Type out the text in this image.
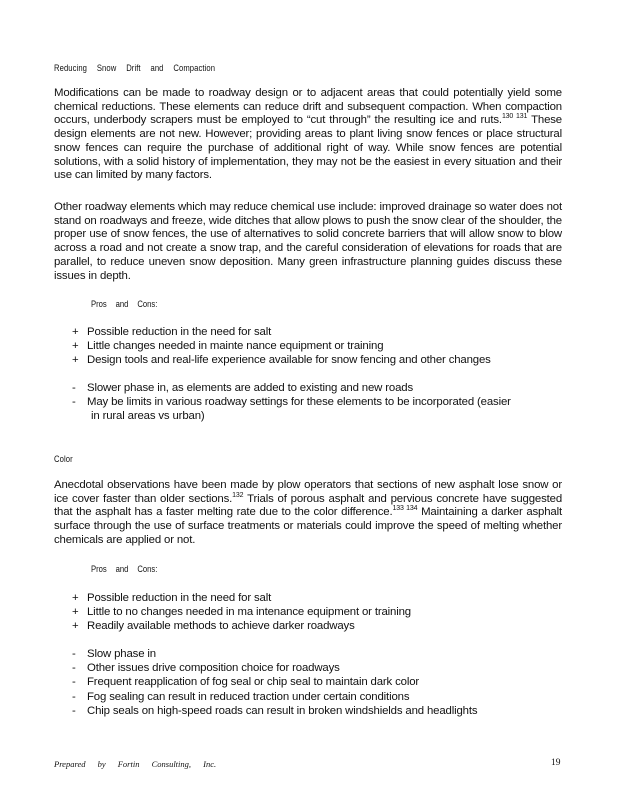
Reducing Snow Drift and Compaction
Modifications can be made to roadway design or to adjacent areas that could potentially yield some chemical reductions. These elements can reduce drift and subsequent compaction. When compaction occurs, underbody scrapers must be employed to “cut through” the resulting ice and ruts.$^{130 131}$ These design elements are not new. However; providing areas to plant living snow fences or place structural snow fences can require the purchase of additional right of way. While snow fences are potential solutions, with a solid history of implementation, they may not be the easiest in every situation and their use can limited by many factors.
Other roadway elements which may reduce chemical use include: improved drainage so water does not stand on roadways and freeze, wide ditches that allow plows to push the snow clear of the shoulder, the proper use of snow fences, the use of alternatives to solid concrete barriers that will allow snow to blow across a road and not create a snow trap, and the careful consideration of elevations for roads that are parallel, to reduce uneven snow deposition. Many green infrastructure planning guides discuss these issues in depth.
Pros and Cons:
+ Possible reduction in the need for salt
+ Little changes needed in mainte nance equipment or training
+ Design tools and real-life experience available for snow fencing and other changes
- Slower phase in, as elements are added to existing and new roads
- May be limits in various roadway settings for these elements to be incorporated (easier
in rural areas vs urban)
Color
Anecdotal observations have been made by plow operators that sections of new asphalt lose snow or ice cover faster than older sections.$^{132}$ Trials of porous asphalt and pervious concrete have suggested that the asphalt has a faster melting rate due to the color difference.$^{133 134}$ Maintaining a darker asphalt surface through the use of surface treatments or materials could improve the speed of melting whether chemicals are applied or not.
Pros and Cons:
+ Possible reduction in the need for salt
+ Little to no changes needed in ma intenance equipment or training
+ Readily available methods to achieve darker roadways
- Slow phase in
- Other issues drive composition choice for roadways
- Frequent reapplication of fog seal or chip seal to maintain dark color
- Fog sealing can result in reduced traction under certain conditions
- Chip seals on high-speed roads can result in broken windshields and headlights
Prepared by Fortin Consulting, Inc.	19
